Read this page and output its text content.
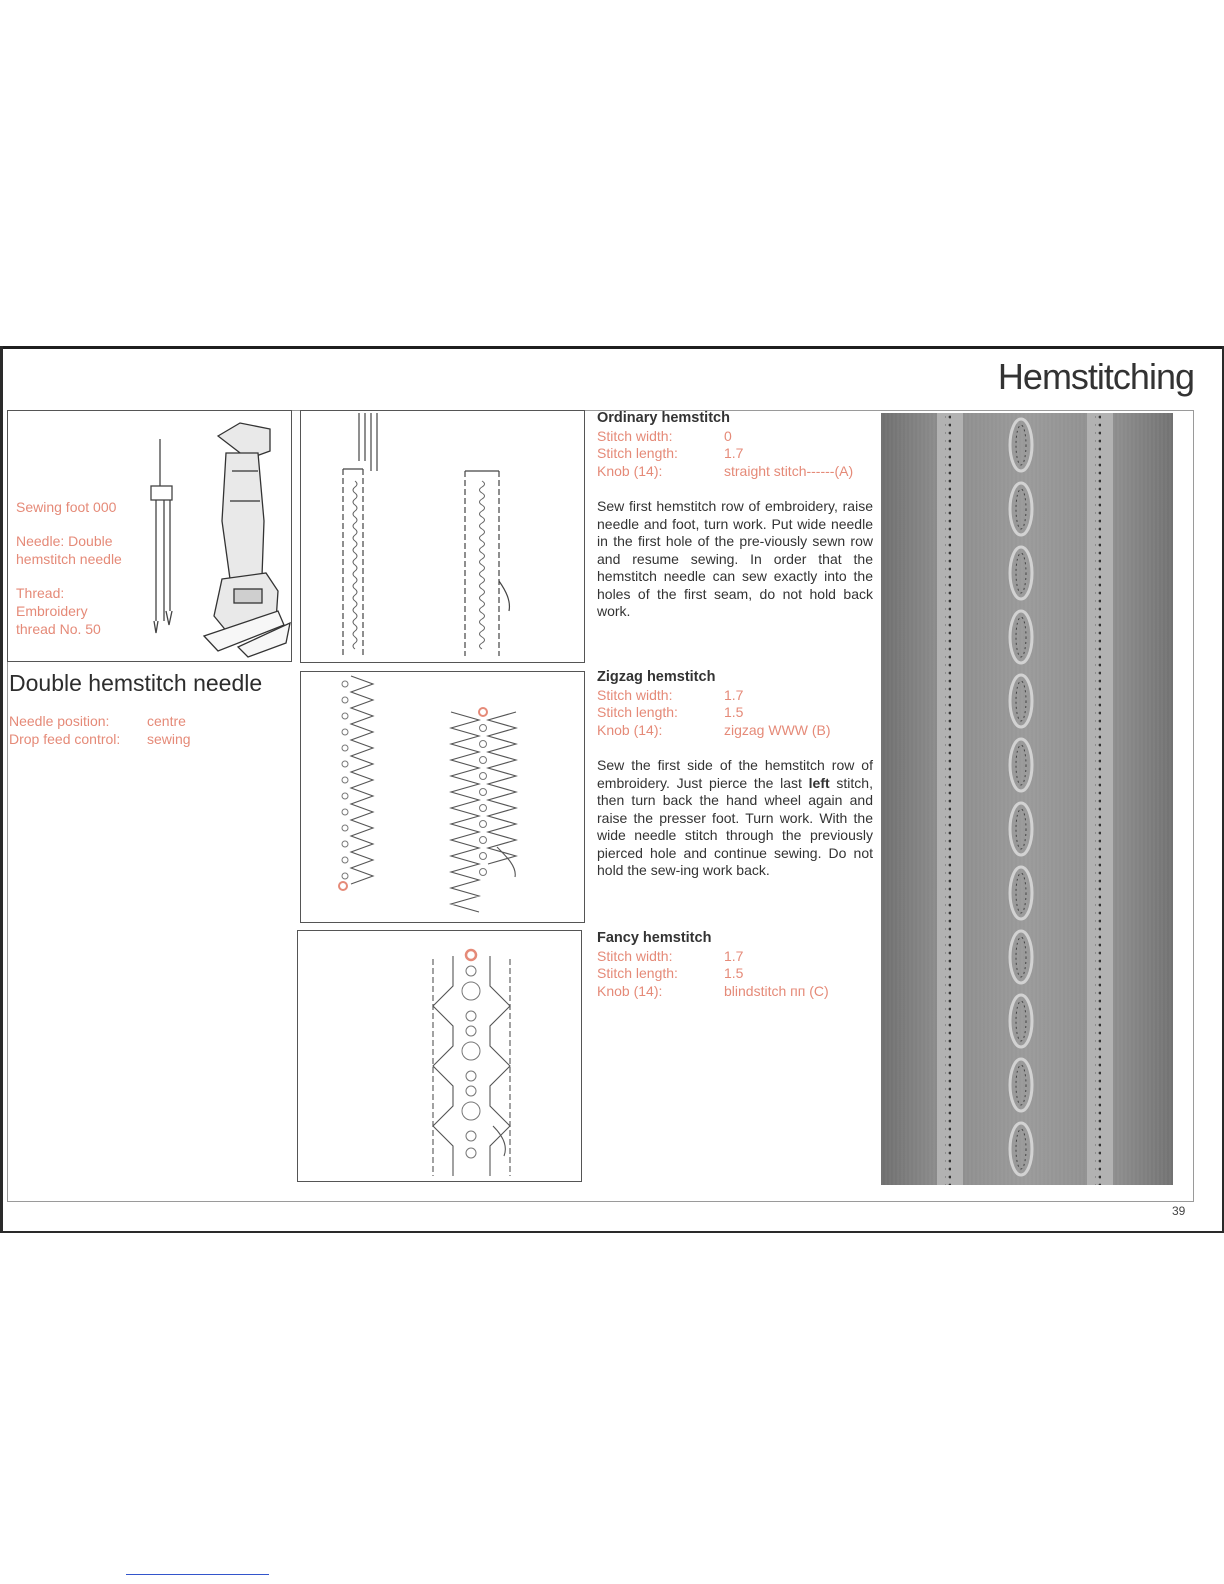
Hemstitching

Sewing foot 000

Needle: Double
hemstitch needle

Thread:
Embroidery
thread No. 50

Double hemstitch needle
Needle position:	centre
Drop feed control:	sewing
Ordinary hemstitch
Stitch width:	0
Stitch length:	1.7
Knob (14):	straight stitch------(A)
Sew first hemstitch row of embroidery, raise needle and foot, turn work. Put wide needle in the first hole of the pre-viously sewn row and resume sewing. In order that the hemstitch needle can sew exactly into the holes of the first seam, do not hold back work.
Zigzag hemstitch
Stitch width:	1.7
Stitch length:	1.5
Knob (14):	zigzag WWW (B)
Sew the first side of the hemstitch row of embroidery. Just pierce the last left stitch, then turn back the hand wheel again and raise the presser foot. Turn work. With the wide needle stitch through the previously pierced hole and continue sewing. Do not hold the sew-ing work back.
Fancy hemstitch
Stitch width:	1.7
Stitch length:	1.5
Knob (14):	blindstitch ᴨᴨ (C)
39
